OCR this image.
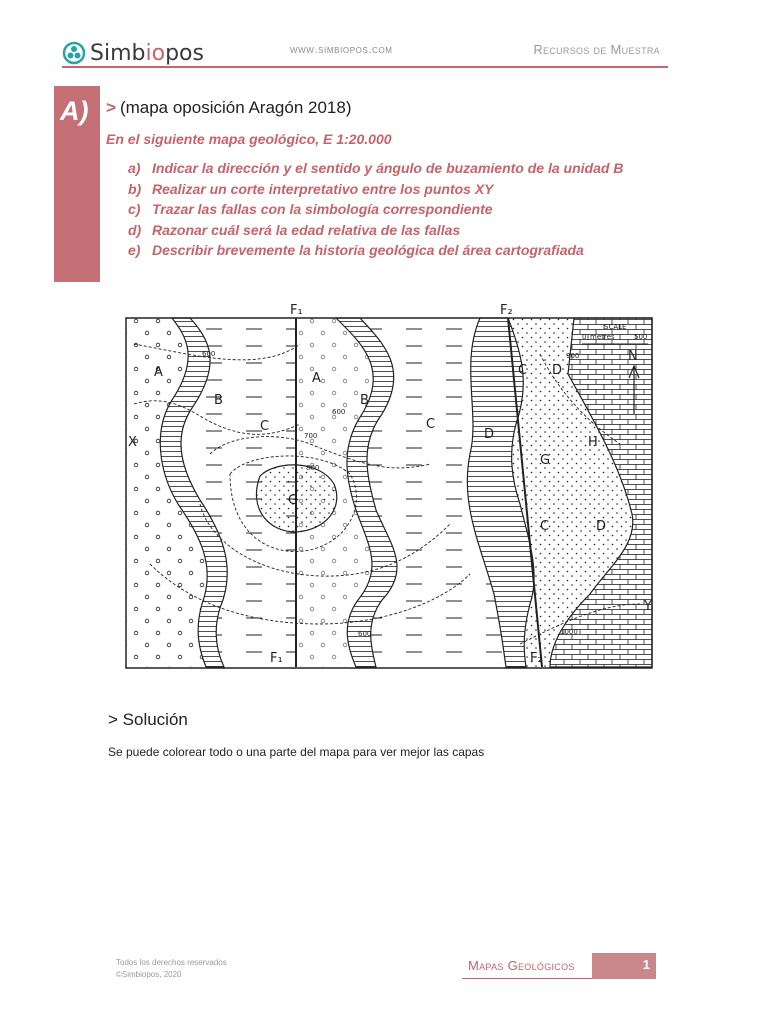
Simbiopos	www.simbiopos.com	Recursos de Muestra
A) > (mapa oposición Aragón 2018)
En el siguiente mapa geológico, E 1:20.000
a) Indicar la dirección y el sentido y ángulo de buzamiento de la unidad B
b) Realizar un corte interpretativo entre los puntos XY
c) Trazar las fallas con la simbología correspondiente
d) Razonar cuál será la edad relativa de las fallas
e) Describir brevemente la historia geológica del área cartografiada
F₁
F₁
F₂
F₂
X
Y
A	A
B	B
C	C
C
C
D
D
D
G
G
H
600
600
600
700
800
900
1000
SCALE
metres
0	500
N
> Solución
Se puede colorear todo o una parte del mapa para ver mejor las capas
Todos los derechos reservados
©Simbiopos, 2020
Mapas Geológicos	1
